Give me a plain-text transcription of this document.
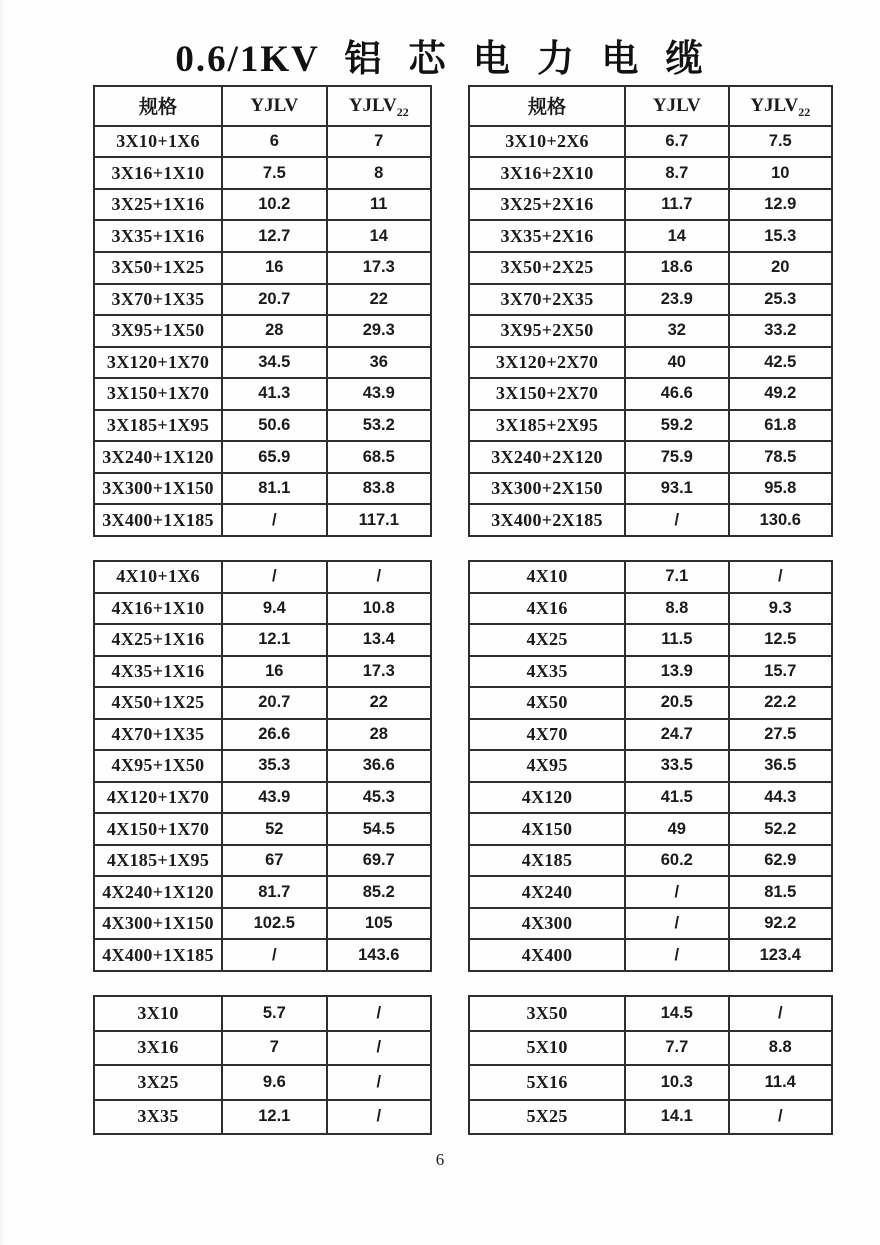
0.6/1KV 铝 芯 电 力 电 缆
规格	YJLV	$YJLV_{22}$
3X10+1X6	6	7
3X16+1X10	7.5	8
3X25+1X16	10.2	11
3X35+1X16	12.7	14
3X50+1X25	16	17.3
3X70+1X35	20.7	22
3X95+1X50	28	29.3
3X120+1X70	34.5	36
3X150+1X70	41.3	43.9
3X185+1X95	50.6	53.2
3X240+1X120	65.9	68.5
3X300+1X150	81.1	83.8
3X400+1X185	/	117.1
4X10+1X6	/	/
4X16+1X10	9.4	10.8
4X25+1X16	12.1	13.4
4X35+1X16	16	17.3
4X50+1X25	20.7	22
4X70+1X35	26.6	28
4X95+1X50	35.3	36.6
4X120+1X70	43.9	45.3
4X150+1X70	52	54.5
4X185+1X95	67	69.7
4X240+1X120	81.7	85.2
4X300+1X150	102.5	105
4X400+1X185	/	143.6
3X10	5.7	/
3X16	7	/
3X25	9.6	/
3X35	12.1	/
规格	YJLV	$YJLV_{22}$
3X10+2X6	6.7	7.5
3X16+2X10	8.7	10
3X25+2X16	11.7	12.9
3X35+2X16	14	15.3
3X50+2X25	18.6	20
3X70+2X35	23.9	25.3
3X95+2X50	32	33.2
3X120+2X70	40	42.5
3X150+2X70	46.6	49.2
3X185+2X95	59.2	61.8
3X240+2X120	75.9	78.5
3X300+2X150	93.1	95.8
3X400+2X185	/	130.6
4X10	7.1	/
4X16	8.8	9.3
4X25	11.5	12.5
4X35	13.9	15.7
4X50	20.5	22.2
4X70	24.7	27.5
4X95	33.5	36.5
4X120	41.5	44.3
4X150	49	52.2
4X185	60.2	62.9
4X240	/	81.5
4X300	/	92.2
4X400	/	123.4
3X50	14.5	/
5X10	7.7	8.8
5X16	10.3	11.4
5X25	14.1	/
6
